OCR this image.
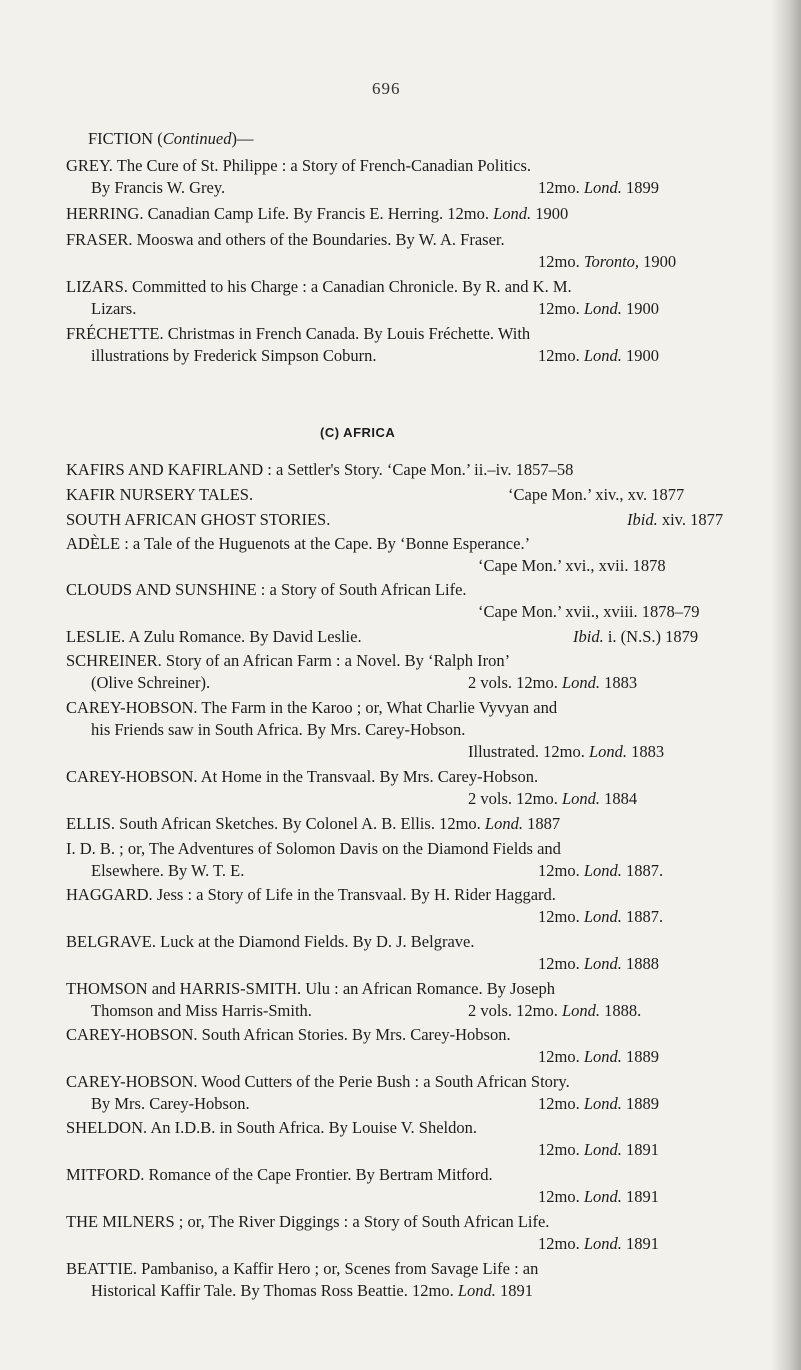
696
FICTION (Continued)—
GREY. The Cure of St. Philippe : a Story of French-Canadian Politics.
By Francis W. Grey.	12mo. Lond. 1899
HERRING. Canadian Camp Life. By Francis E. Herring. 12mo. Lond. 1900
FRASER. Mooswa and others of the Boundaries. By W. A. Fraser.
12mo. Toronto, 1900
LIZARS. Committed to his Charge : a Canadian Chronicle. By R. and K. M.
Lizars.	12mo. Lond. 1900
FRÉCHETTE. Christmas in French Canada. By Louis Fréchette. With
illustrations by Frederick Simpson Coburn.	12mo. Lond. 1900
(C) AFRICA
KAFIRS AND KAFIRLAND : a Settler's Story. ‘Cape Mon.’ ii.–iv. 1857–58
KAFIR NURSERY TALES.	‘Cape Mon.’ xiv., xv. 1877
SOUTH AFRICAN GHOST STORIES.	Ibid. xiv. 1877
ADÈLE : a Tale of the Huguenots at the Cape. By ‘Bonne Esperance.’
‘Cape Mon.’ xvi., xvii. 1878
CLOUDS AND SUNSHINE : a Story of South African Life.
‘Cape Mon.’ xvii., xviii. 1878–79
LESLIE. A Zulu Romance. By David Leslie.	Ibid. i. (N.S.) 1879
SCHREINER. Story of an African Farm : a Novel. By ‘Ralph Iron’
(Olive Schreiner).	2 vols. 12mo. Lond. 1883
CAREY-HOBSON. The Farm in the Karoo ; or, What Charlie Vyvyan and
his Friends saw in South Africa. By Mrs. Carey-Hobson.
Illustrated. 12mo. Lond. 1883
CAREY-HOBSON. At Home in the Transvaal. By Mrs. Carey-Hobson.
2 vols. 12mo. Lond. 1884
ELLIS. South African Sketches. By Colonel A. B. Ellis. 12mo. Lond. 1887
I. D. B. ; or, The Adventures of Solomon Davis on the Diamond Fields and
Elsewhere. By W. T. E.	12mo. Lond. 1887.
HAGGARD. Jess : a Story of Life in the Transvaal. By H. Rider Haggard.
12mo. Lond. 1887.
BELGRAVE. Luck at the Diamond Fields. By D. J. Belgrave.
12mo. Lond. 1888
THOMSON and HARRIS-SMITH. Ulu : an African Romance. By Joseph
Thomson and Miss Harris-Smith.	2 vols. 12mo. Lond. 1888.
CAREY-HOBSON. South African Stories. By Mrs. Carey-Hobson.
12mo. Lond. 1889
CAREY-HOBSON. Wood Cutters of the Perie Bush : a South African Story.
By Mrs. Carey-Hobson.	12mo. Lond. 1889
SHELDON. An I.D.B. in South Africa. By Louise V. Sheldon.
12mo. Lond. 1891
MITFORD. Romance of the Cape Frontier. By Bertram Mitford.
12mo. Lond. 1891
THE MILNERS ; or, The River Diggings : a Story of South African Life.
12mo. Lond. 1891
BEATTIE. Pambaniso, a Kaffir Hero ; or, Scenes from Savage Life : an
Historical Kaffir Tale. By Thomas Ross Beattie. 12mo. Lond. 1891
